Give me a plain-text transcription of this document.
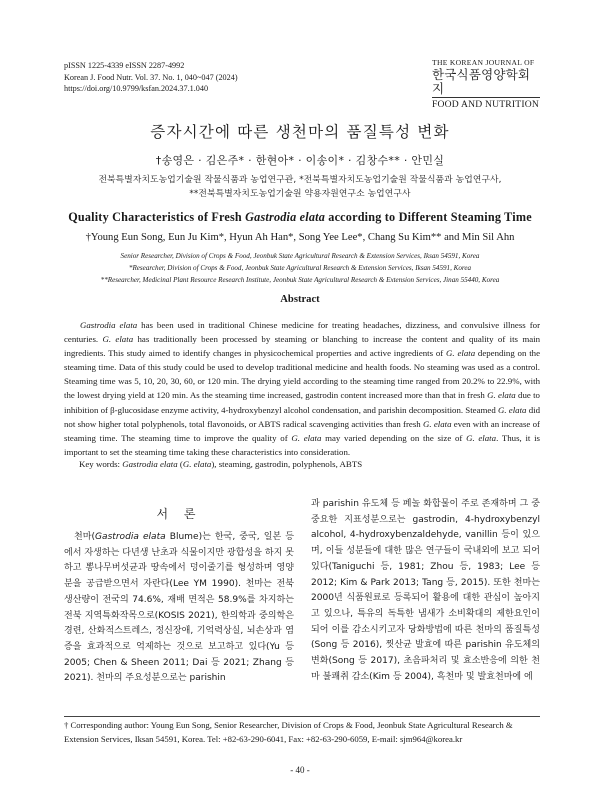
pISSN 1225-4339 eISSN 2287-4992
Korean J. Food Nutr. Vol. 37. No. 1, 040~047 (2024)
https://doi.org/10.9799/ksfan.2024.37.1.040
THE KOREAN JOURNAL OF
한국식품영양학회지
FOOD AND NUTRITION
증자시간에 따른 생천마의 품질특성 변화
†송영은 · 김은주* · 한현아* · 이송이* · 김창수** · 안민실
전북특별자치도농업기술원 작물식품과 농업연구관, *전북특별자치도농업기술원 작물식품과 농업연구사,
**전북특별자치도농업기술원 약용자원연구소 농업연구사
Quality Characteristics of Fresh Gastrodia elata according to Different Steaming Time
†Young Eun Song, Eun Ju Kim*, Hyun Ah Han*, Song Yee Lee*, Chang Su Kim** and Min Sil Ahn
Senior Researcher, Division of Crops & Food, Jeonbuk State Agricultural Research & Extension Services, Iksan 54591, Korea
*Researcher, Division of Crops & Food, Jeonbuk State Agricultural Research & Extension Services, Iksan 54591, Korea
**Researcher, Medicinal Plant Resource Research Institute, Jeonbuk State Agricultural Research & Extension Services, Jinan 55440, Korea
Abstract

Gastrodia elata has been used in traditional Chinese medicine for treating headaches, dizziness, and convulsive illness for centuries. G. elata has traditionally been processed by steaming or blanching to increase the content and quality of its main ingredients. This study aimed to identify changes in physicochemical properties and active ingredients of G. elata depending on the steaming time. Data of this study could be used to develop traditional medicine and health foods. No steaming was used as a control. Steaming time was 5, 10, 20, 30, 60, or 120 min. The drying yield according to the steaming time ranged from 20.2% to 22.9%, with the lowest drying yield at 120 min. As the steaming time increased, gastrodin content increased more than that in fresh G. elata due to inhibition of β-glucosidase enzyme activity, 4-hydroxybenzyl alcohol condensation, and parishin decomposition. Steamed G. elata did not show higher total polyphenols, total flavonoids, or ABTS radical scavenging activities than fresh G. elata even with an increase of steaming time. The steaming time to improve the quality of G. elata may varied depending on the size of G. elata. Thus, it is important to set the steaming time taking these characteristics into consideration.

Key words: Gastrodia elata (G. elata), steaming, gastrodin, polyphenols, ABTS
서 론

천마(Gastrodia elata Blume)는 한국, 중국, 일본 등에서 자생하는 다년생 난초과 식물이지만 광합성을 하지 못하고 뽕나무버섯균과 땅속에서 덩이줄기를 형성하며 영양분을 공급받으면서 자란다(Lee YM 1990). 천마는 전북 생산량이 전국의 74.6%, 재배 면적은 58.9%를 차지하는 전북 지역특화작목으로(KOSIS 2021), 한의학과 중의학은 경련, 산화적스트레스, 정신장애, 기억력상실, 뇌손상과 염증을 효과적으로 억제하는 것으로 보고하고 있다(Yu 등 2005; Chen & Sheen 2011; Dai 등 2021; Zhang 등 2021). 천마의 주요성분으로는 parishin

과 parishin 유도체 등 페놀 화합물이 주로 존재하며 그 중 중요한 지표성분으로는 gastrodin, 4-hydroxybenzyl alcohol, 4-hydroxybenzaldehyde, vanillin 등이 있으며, 이들 성분들에 대한 많은 연구들이 국내외에 보고 되어 있다(Taniguchi 등, 1981; Zhou 등, 1983; Lee 등 2012; Kim & Park 2013; Tang 등, 2015). 또한 천마는 2000년 식품원료로 등록되어 활용에 대한 관심이 높아지고 있으나, 특유의 독특한 냄새가 소비확대의 제한요인이 되어 이를 감소시키고자 당화방법에 따른 천마의 품질특성(Song 등 2016), 찟산균 발효에 따른 parishin 유도체의 변화(Song 등 2017), 초음파처리 및 효소반응에 의한 천마 불쾌취 감소(Kim 등 2004), 흑천마 및 발효천마에 에

† Corresponding author: Young Eun Song, Senior Researcher, Division of Crops & Food, Jeonbuk State Agricultural Research & Extension Services, Iksan 54591, Korea. Tel: +82-63-290-6041, Fax: +82-63-290-6059, E-mail: sjm964@korea.kr
- 40 -
